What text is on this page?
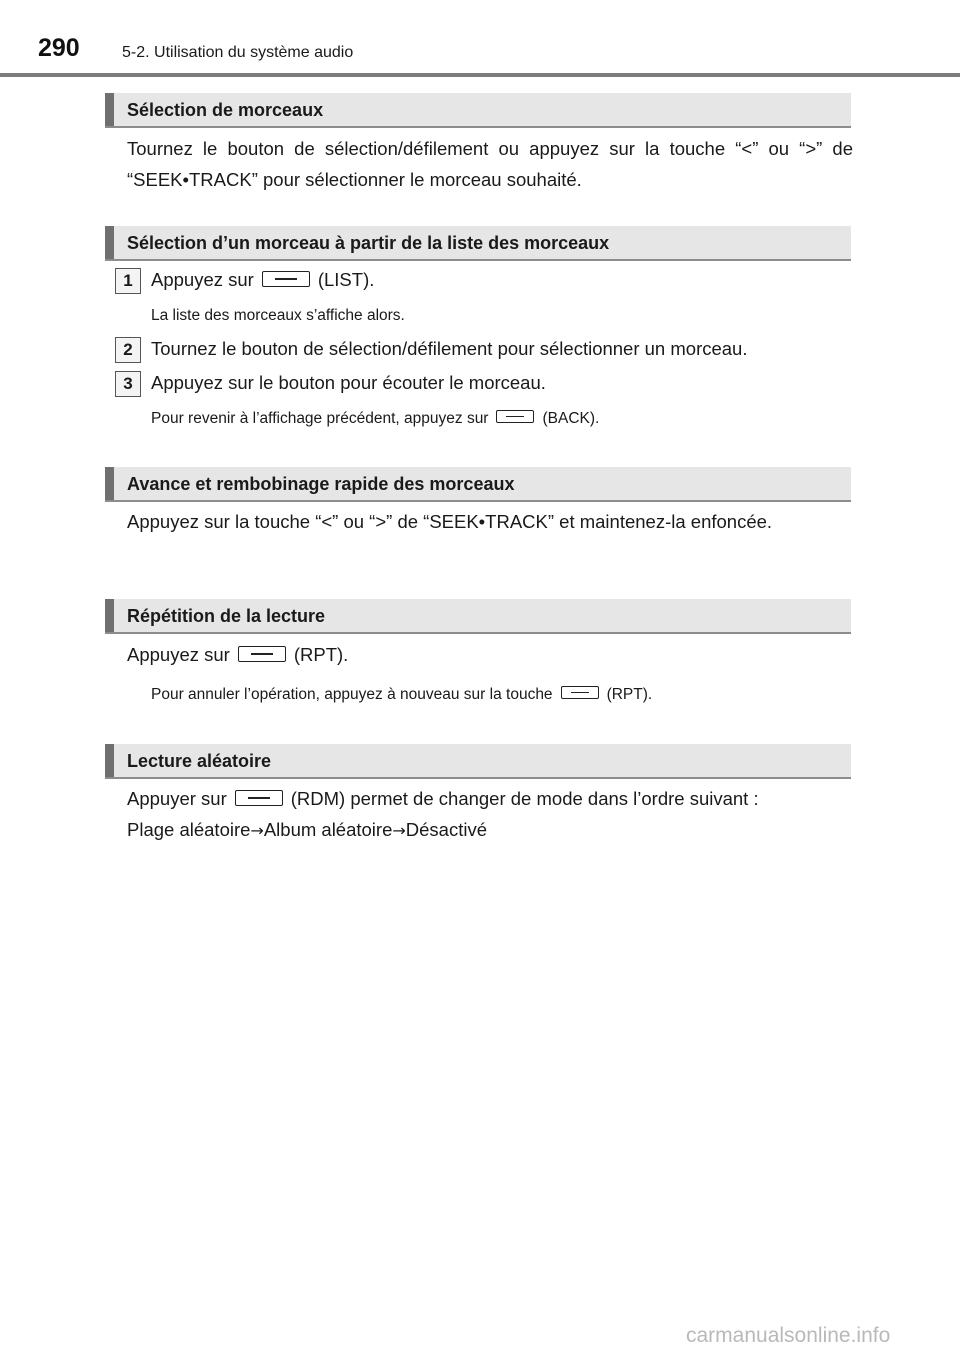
290	5-2. Utilisation du système audio
Sélection de morceaux
Tournez le bouton de sélection/défilement ou appuyez sur la touche “<” ou “>” de “SEEK•TRACK” pour sélectionner le morceau souhaité.
Sélection d’un morceau à partir de la liste des morceaux
1 Appuyez sur	(LIST).
La liste des morceaux s’affiche alors.
2 Tournez le bouton de sélection/défilement pour sélectionner un morceau.
3 Appuyez sur le bouton pour écouter le morceau.
Pour revenir à l’affichage précédent, appuyez sur	(BACK).
Avance et rembobinage rapide des morceaux
Appuyez sur la touche “<” ou “>” de “SEEK•TRACK” et maintenez-la enfoncée.
Répétition de la lecture
Appuyez sur	(RPT).
Pour annuler l’opération, appuyez à nouveau sur la touche	(RPT).
Lecture aléatoire
Appuyer sur	(RDM) permet de changer de mode dans l’ordre suivant :
Plage aléatoire→Album aléatoire→Désactivé
carmanualsonline.info
